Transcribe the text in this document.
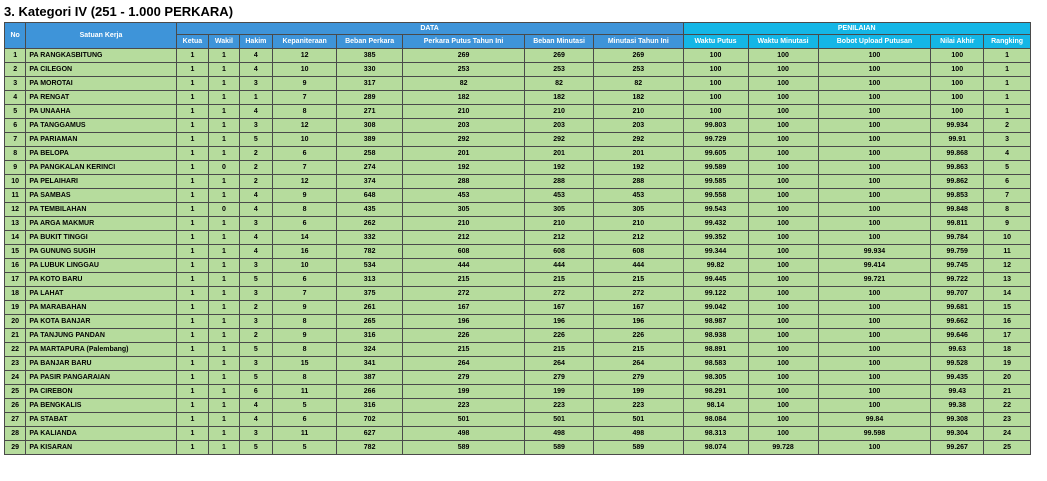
3. Kategori IV (251 - 1.000 PERKARA)
No	Satuan Kerja	DATA								PENILAIAN				
		Ketua	Wakil	Hakim	Kepaniteraan	Beban Perkara	Perkara Putus Tahun Ini	Beban Minutasi	Minutasi Tahun Ini	Waktu Putus	Waktu Minutasi	Bobot Upload Putusan	Nilai Akhir	Rangking
1	PA RANGKASBITUNG	1	1	4	12	385	269	269	269	100	100	100	100	1
2	PA CILEGON	1	1	4	10	330	253	253	253	100	100	100	100	1
3	PA MOROTAI	1	1	3	9	317	82	82	82	100	100	100	100	1
4	PA RENGAT	1	1	1	7	289	182	182	182	100	100	100	100	1
5	PA UNAAHA	1	1	4	8	271	210	210	210	100	100	100	100	1
6	PA TANGGAMUS	1	1	3	12	308	203	203	203	99.803	100	100	99.934	2
7	PA PARIAMAN	1	1	5	10	389	292	292	292	99.729	100	100	99.91	3
8	PA BELOPA	1	1	2	6	258	201	201	201	99.605	100	100	99.868	4
9	PA PANGKALAN KERINCI	1	0	2	7	274	192	192	192	99.589	100	100	99.863	5
10	PA PELAIHARI	1	1	2	12	374	288	288	288	99.585	100	100	99.862	6
11	PA SAMBAS	1	1	4	9	648	453	453	453	99.558	100	100	99.853	7
12	PA TEMBILAHAN	1	0	4	8	435	305	305	305	99.543	100	100	99.848	8
13	PA ARGA MAKMUR	1	1	3	6	262	210	210	210	99.432	100	100	99.811	9
14	PA BUKIT TINGGI	1	1	4	14	332	212	212	212	99.352	100	100	99.784	10
15	PA GUNUNG SUGIH	1	1	4	16	782	608	608	608	99.344	100	99.934	99.759	11
16	PA LUBUK LINGGAU	1	1	3	10	534	444	444	444	99.82	100	99.414	99.745	12
17	PA KOTO BARU	1	1	5	6	313	215	215	215	99.445	100	99.721	99.722	13
18	PA LAHAT	1	1	3	7	375	272	272	272	99.122	100	100	99.707	14
19	PA MARABAHAN	1	1	2	9	261	167	167	167	99.042	100	100	99.681	15
20	PA KOTA BANJAR	1	1	3	8	265	196	196	196	98.987	100	100	99.662	16
21	PA TANJUNG PANDAN	1	1	2	9	316	226	226	226	98.938	100	100	99.646	17
22	PA MARTAPURA (Palembang)	1	1	5	8	324	215	215	215	98.891	100	100	99.63	18
23	PA BANJAR BARU	1	1	3	15	341	264	264	264	98.583	100	100	99.528	19
24	PA PASIR PANGARAIAN	1	1	5	8	387	279	279	279	98.305	100	100	99.435	20
25	PA CIREBON	1	1	6	11	266	199	199	199	98.291	100	100	99.43	21
26	PA BENGKALIS	1	1	4	5	316	223	223	223	98.14	100	100	99.38	22
27	PA STABAT	1	1	4	6	702	501	501	501	98.084	100	99.84	99.308	23
28	PA KALIANDA	1	1	3	11	627	498	498	498	98.313	100	99.598	99.304	24
29	PA KISARAN	1	1	5	5	782	589	589	589	98.074	99.728	100	99.267	25
